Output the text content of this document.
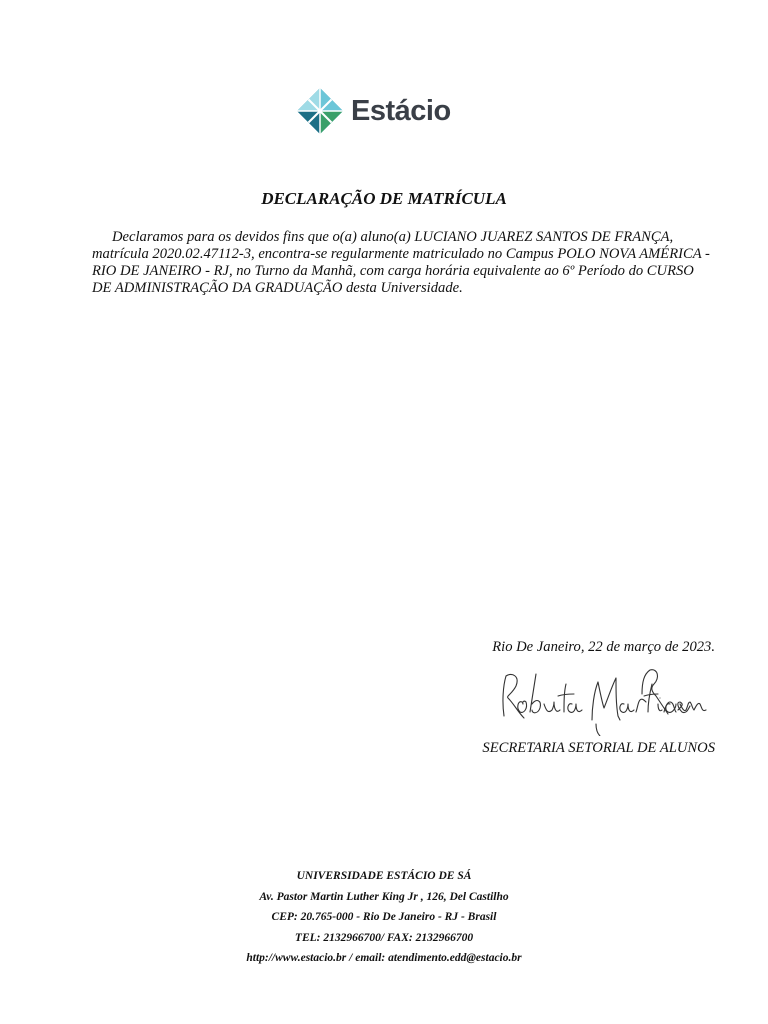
Estácio
DECLARAÇÃO DE MATRÍCULA
Declaramos para os devidos fins que o(a) aluno(a) LUCIANO JUAREZ SANTOS DE FRANÇA, matrícula 2020.02.47112-3, encontra-se regularmente matriculado no Campus POLO NOVA AMÉRICA - RIO DE JANEIRO - RJ, no Turno da Manhã, com carga horária equivalente ao 6º Período do CURSO DE ADMINISTRAÇÃO DA GRADUAÇÃO desta Universidade.
Rio De Janeiro, 22 de março de 2023.
SECRETARIA SETORIAL DE ALUNOS
UNIVERSIDADE ESTÁCIO DE SÁ
Av. Pastor Martin Luther King Jr , 126, Del Castilho
CEP: 20.765-000 - Rio De Janeiro - RJ - Brasil
TEL: 2132966700/ FAX: 2132966700
http://www.estacio.br / email: atendimento.edd@estacio.br
